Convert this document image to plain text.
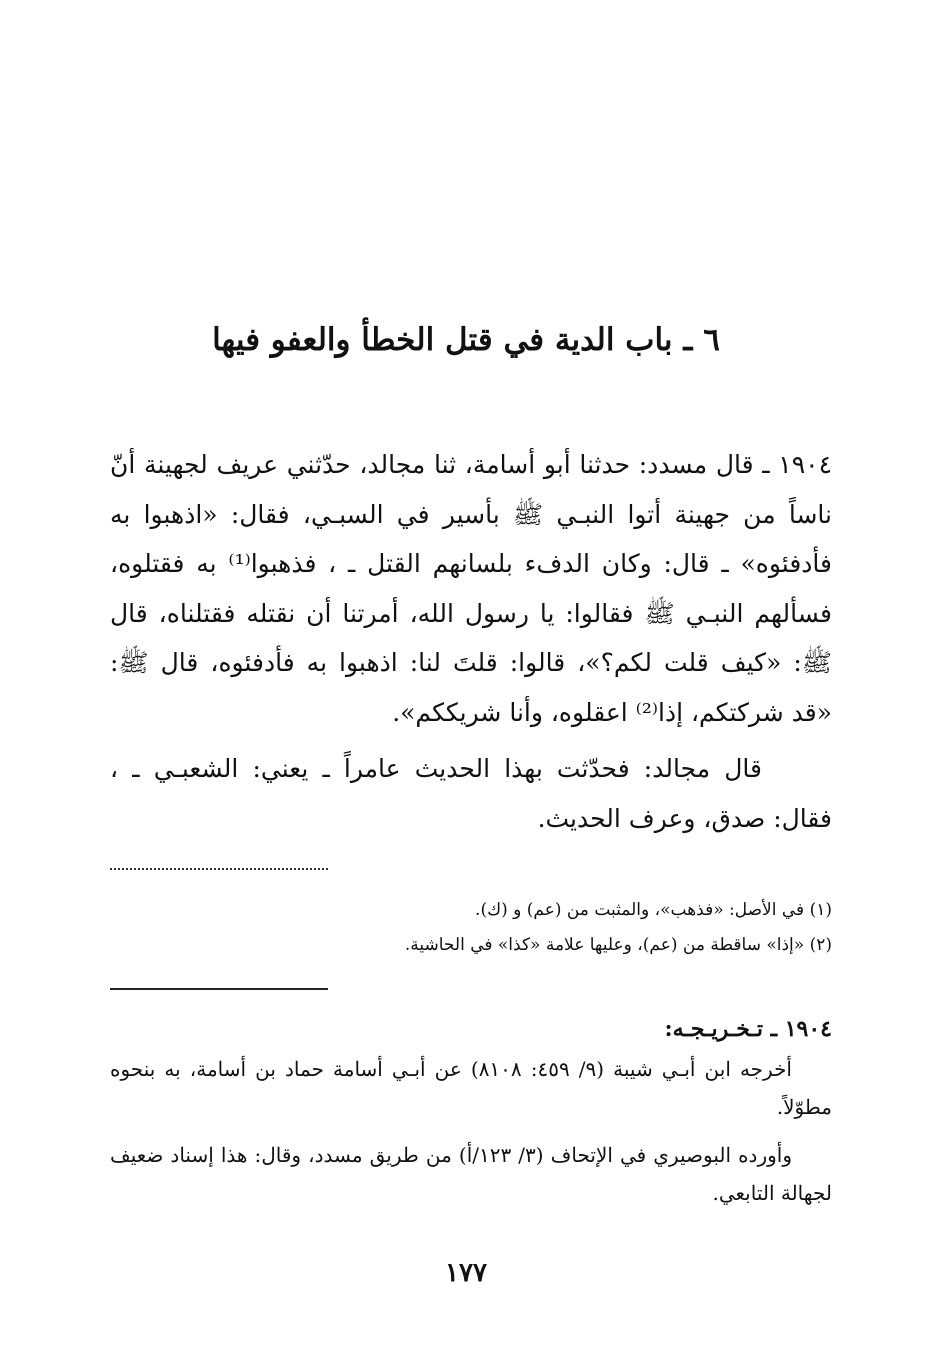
٦ ـ باب الدية في قتل الخطأ والعفو فيها

١٩٠٤ ـ قال مسدد: حدثنا أبو أسامة، ثنا مجالد، حدّثني عريف لجهينة أنّ ناساً من جهينة أتوا النبـي ﷺ بأسير في السبـي، فقال: «اذهبوا به فأدفئوه» ـ قال: وكان الدفء بلسانهم القتل ـ ، فذهبوا⁽¹⁾ به فقتلوه، فسألهم النبـي ﷺ فقالوا: يا رسول الله، أمرتنا أن نقتله فقتلناه، قال ﷺ: «كيف قلت لكم؟»، قالوا: قلتَ لنا: اذهبوا به فأدفئوه، قال ﷺ: «قد شركتكم، إذا⁽²⁾ اعقلوه، وأنا شريككم».

قال مجالد: فحدّثت بهذا الحديث عامراً ـ يعني: الشعبـي ـ ، فقال: صدق، وعرف الحديث.

(١) في الأصل: «فذهب»، والمثبت من (عم) و (ك).
(٢) «إذا» ساقطة من (عم)، وعليها علامة «كذا» في الحاشية.
١٩٠٤ ـ تـخـريـجـه:

أخرجه ابن أبـي شيبة (٩/ ٤٥٩: ٨١٠٨) عن أبـي أسامة حماد بن أسامة، به بنحوه مطوّلاً.

وأورده البوصيري في الإتحاف (٣/ ١٢٣/أ) من طريق مسدد، وقال: هذا إسناد ضعيف لجهالة التابعي.

١٧٧
